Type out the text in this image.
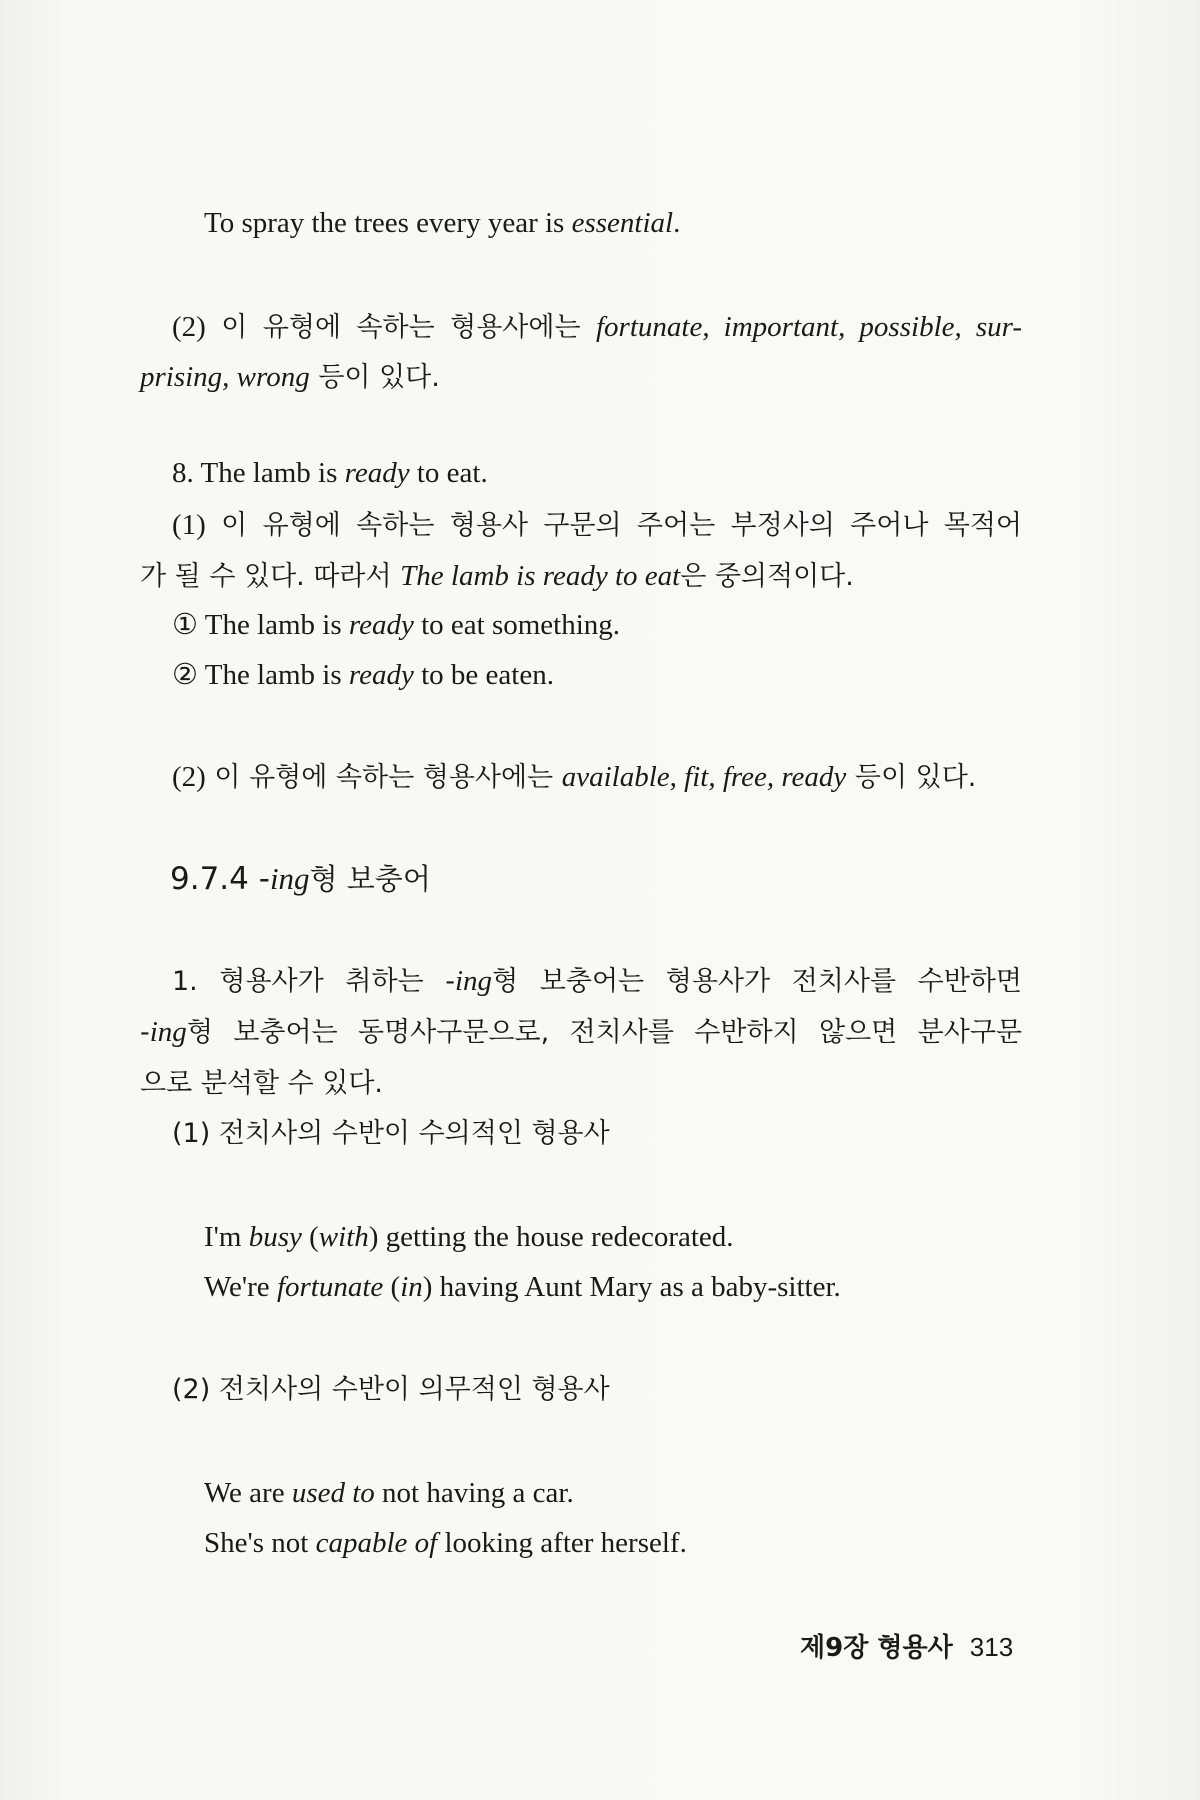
To spray the trees every year is essential.
(2) 이 유형에 속하는 형용사에는 fortunate, important, possible, sur-
prising, wrong 등이 있다.
8. The lamb is ready to eat.
(1) 이 유형에 속하는 형용사 구문의 주어는 부정사의 주어나 목적어
가 될 수 있다. 따라서 The lamb is ready to eat은 중의적이다.
① The lamb is ready to eat something.
② The lamb is ready to be eaten.
(2) 이 유형에 속하는 형용사에는 available, fit, free, ready 등이 있다.
9.7.4 -ing형 보충어
1. 형용사가 취하는 -ing형 보충어는 형용사가 전치사를 수반하면
-ing형 보충어는 동명사구문으로, 전치사를 수반하지 않으면 분사구문
으로 분석할 수 있다.
(1) 전치사의 수반이 수의적인 형용사
I'm busy (with) getting the house redecorated.
We're fortunate (in) having Aunt Mary as a baby-sitter.
(2) 전치사의 수반이 의무적인 형용사
We are used to not having a car.
She's not capable of looking after herself.
제9장 형용사 313
